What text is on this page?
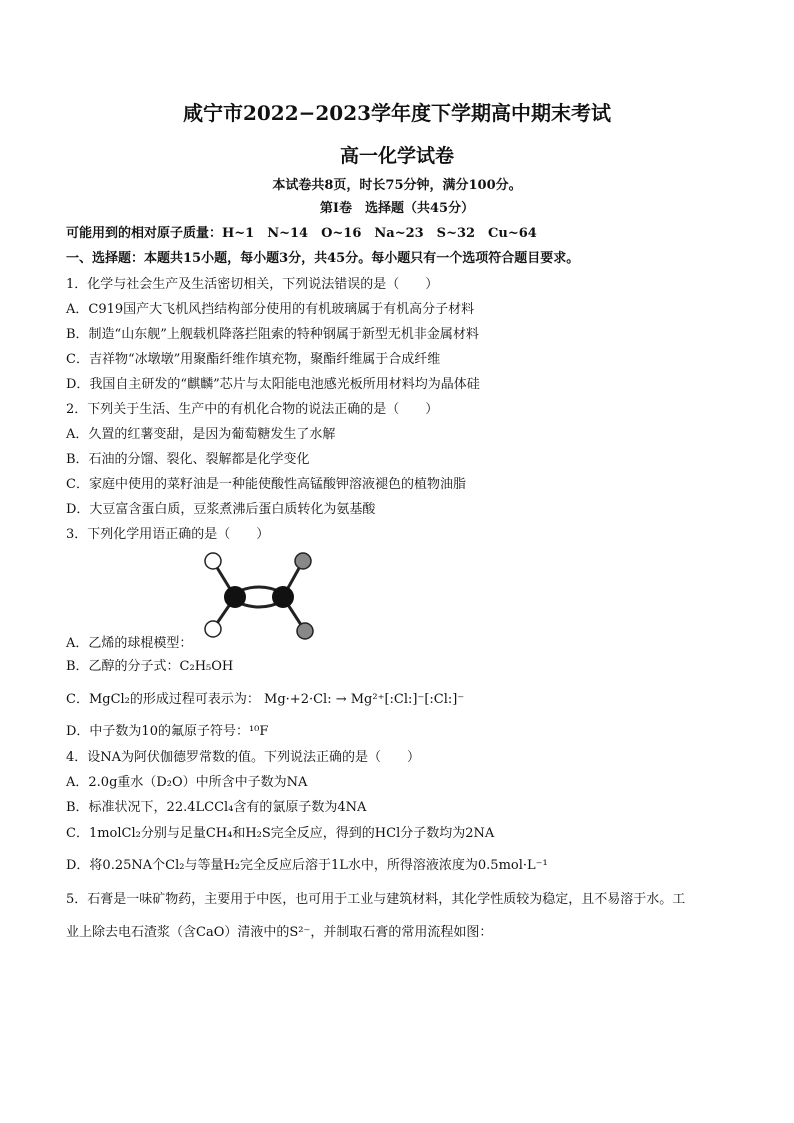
咸宁市2022−2023学年度下学期高中期末考试
高一化学试卷
本试卷共8页，时长75分钟，满分100分。
第Ⅰ卷　选择题（共45分）
可能用到的相对原子质量：H~1　N~14　O~16　Na~23　S~32　Cu~64
一、选择题：本题共15小题，每小题3分，共45分。每小题只有一个选项符合题目要求。
1．化学与社会生产及生活密切相关，下列说法错误的是（　　）
A．C919国产大飞机风挡结构部分使用的有机玻璃属于有机高分子材料
B．制造“山东舰”上舰载机降落拦阻索的特种钢属于新型无机非金属材料
C．吉祥物“冰墩墩”用聚酯纤维作填充物，聚酯纤维属于合成纤维
D．我国自主研发的“麒麟”芯片与太阳能电池感光板所用材料均为晶体硅
2．下列关于生活、生产中的有机化合物的说法正确的是（　　）
A．久置的红薯变甜，是因为葡萄糖发生了水解
B．石油的分馏、裂化、裂解都是化学变化
C．家庭中使用的菜籽油是一种能使酸性高锰酸钾溶液褪色的植物油脂
D．大豆富含蛋白质，豆浆煮沸后蛋白质转化为氨基酸
3．下列化学用语正确的是（　　）
A．乙烯的球棍模型：
B．乙醇的分子式：C₂H₅OH
C．MgCl₂的形成过程可表示为： Mg·+2·Cl: → Mg²⁺[:Cl:]⁻[:Cl:]⁻
D．中子数为10的氟原子符号：¹⁰F
4．设NA为阿伏伽德罗常数的值。下列说法正确的是（　　）
A．2.0g重水（D₂O）中所含中子数为NA
B．标准状况下，22.4LCCl₄含有的氯原子数为4NA
C．1molCl₂分别与足量CH₄和H₂S完全反应，得到的HCl分子数均为2NA
D．将0.25NA个Cl₂与等量H₂完全反应后溶于1L水中，所得溶液浓度为0.5mol·L⁻¹
5．石膏是一味矿物药，主要用于中医，也可用于工业与建筑材料，其化学性质较为稳定，且不易溶于水。工
业上除去电石渣浆（含CaO）清液中的S²⁻，并制取石膏的常用流程如图：
